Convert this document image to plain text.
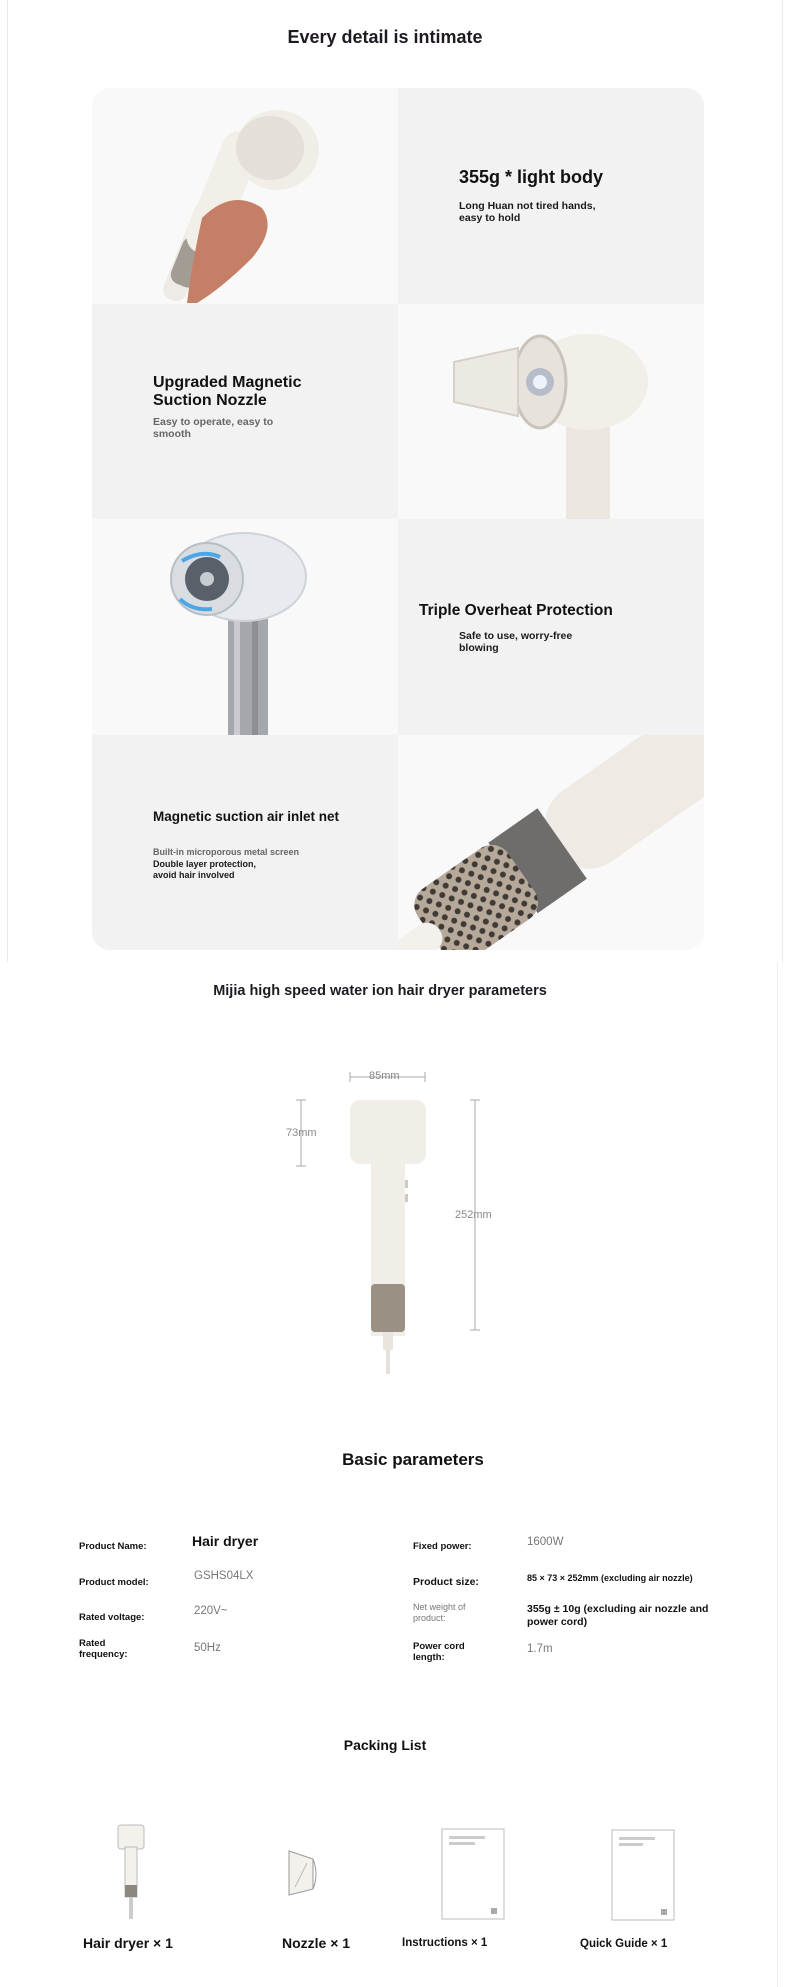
Every detail is intimate
355g * light body
Long Huan not tired hands, easy to hold
Upgraded Magnetic
Suction Nozzle
Easy to operate, easy to
smooth
Triple Overheat Protection
Safe to use, worry-free
blowing
Magnetic suction air inlet net
Built-in microporous metal screen
Double layer protection,
avoid hair involved
Mijia high speed water ion hair dryer parameters
85mm
73mm
252mm
Basic parameters
Product Name:	Hair dryer
Product model:
GSHS04LX
Rated voltage:
220V~
Rated
frequency:
50Hz
Fixed power:	1600W
Product size:	85 × 73 × 252mm (excluding air nozzle)
Net weight of
product:
355g ± 10g (excluding air nozzle and
power cord)
Power cord
length:
1.7m
Packing List
Hair dryer × 1	Nozzle × 1	Instructions × 1	Quick Guide × 1
